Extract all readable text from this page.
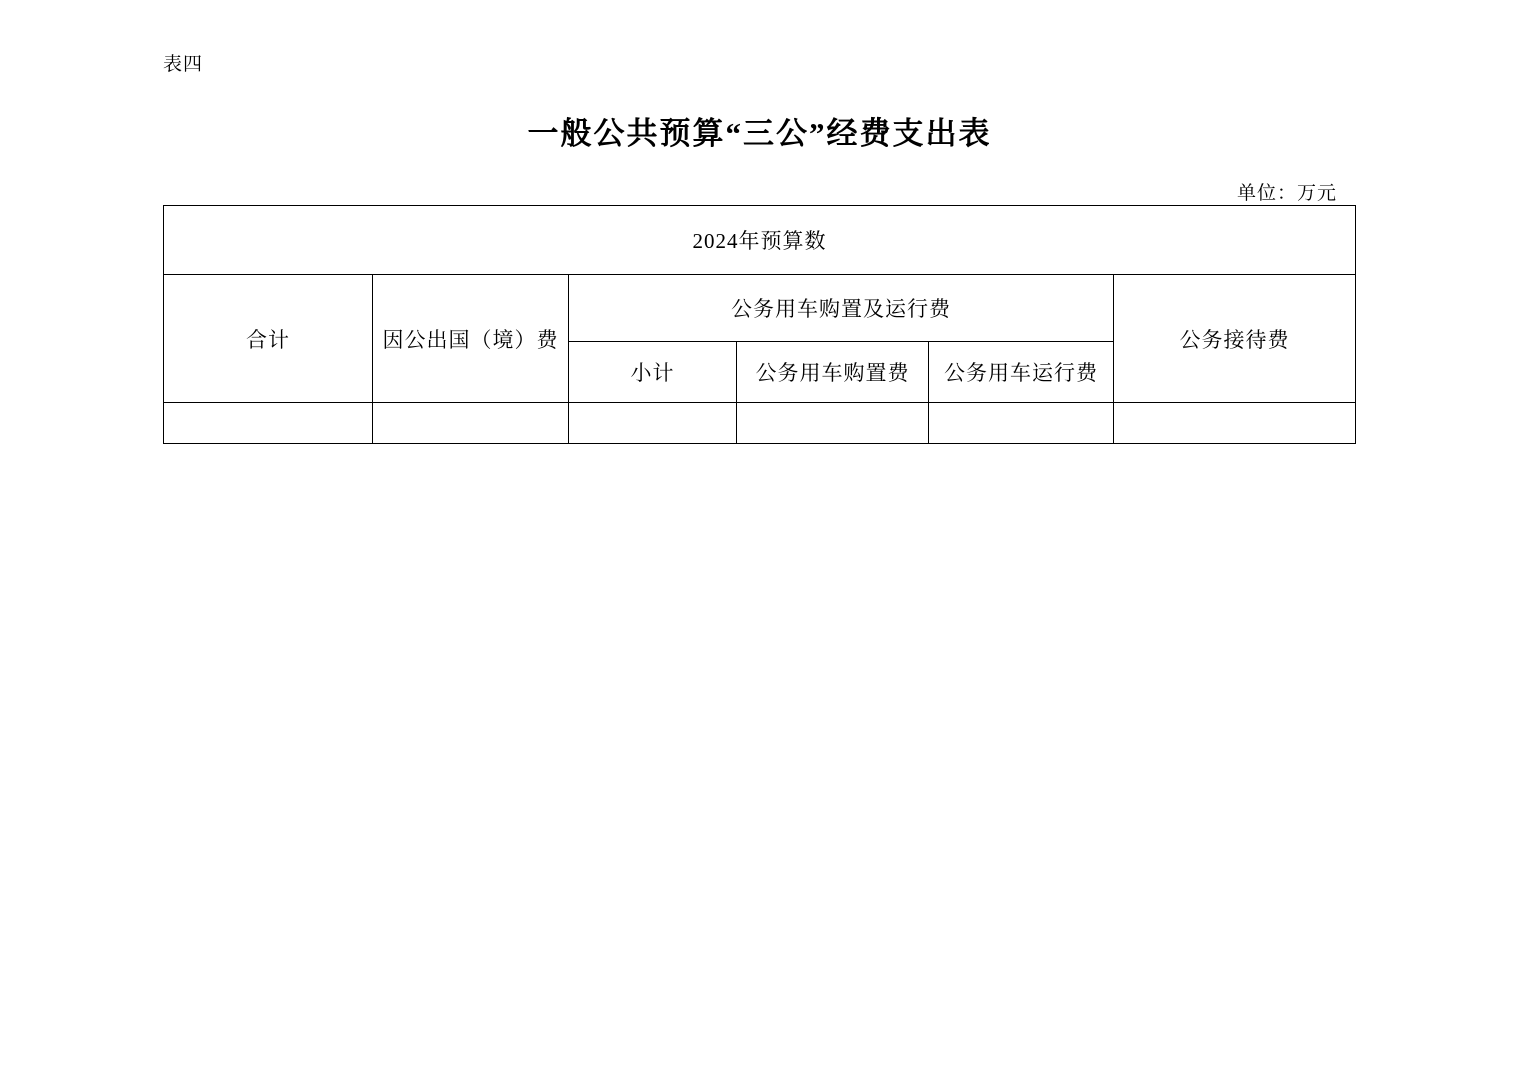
表四
一般公共预算“三公”经费支出表
单位：万元
2024年预算数					
合计	因公出国（境）费	公务用车购置及运行费			公务接待费
		小计	公务用车购置费	公务用车运行费	
